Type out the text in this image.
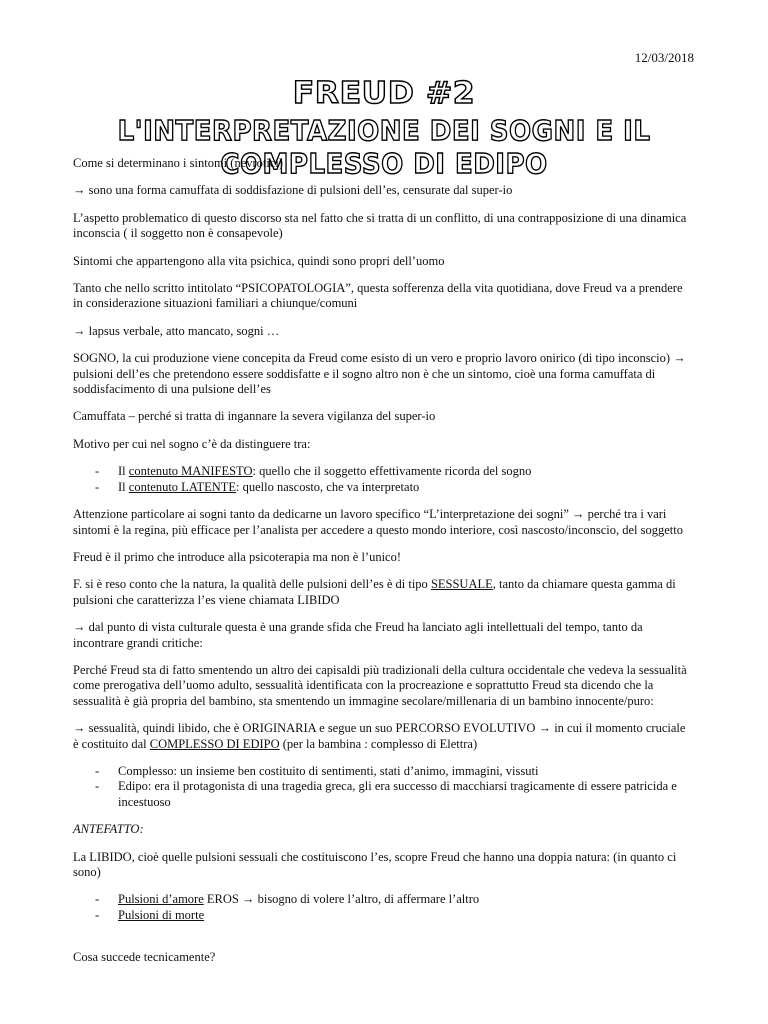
12/03/2018
FREUD #2
L'INTERPRETAZIONE DEI SOGNI E IL COMPLESSO DI EDIPO

Come si determinano i sintomi (nevrotici)

→ sono una forma camuffata di soddisfazione di pulsioni dell’es, censurate dal super-io

L’aspetto problematico di questo discorso sta nel fatto che si tratta di un conflitto, di una contrapposizione di una dinamica inconscia ( il soggetto non è consapevole)

Sintomi che appartengono alla vita psichica, quindi sono propri dell’uomo

Tanto che nello scritto intitolato “PSICOPATOLOGIA”, questa sofferenza della vita quotidiana, dove Freud va a prendere in considerazione situazioni familiari a chiunque/comuni

→ lapsus verbale, atto mancato, sogni …

SOGNO, la cui produzione viene concepita da Freud come esisto di un vero e proprio lavoro onirico (di tipo inconscio) → pulsioni dell’es che pretendono essere soddisfatte e il sogno altro non è che un sintomo, cioè una forma camuffata di soddisfacimento di una pulsione dell’es

Camuffata – perché si tratta di ingannare la severa vigilanza del super-io

Motivo per cui nel sogno c’è da distinguere tra:

- Il contenuto MANIFESTO: quello che il soggetto effettivamente ricorda del sogno
- Il contenuto LATENTE: quello nascosto, che va interpretato

Attenzione particolare ai sogni tanto da dedicarne un lavoro specifico “L’interpretazione dei sogni” → perché tra i vari sintomi è la regina, più efficace per l’analista per accedere a questo mondo interiore, così nascosto/inconscio, del soggetto

Freud è il primo che introduce alla psicoterapia ma non è l’unico!

F. si è reso conto che la natura, la qualità delle pulsioni dell’es è di tipo SESSUALE, tanto da chiamare questa gamma di pulsioni che caratterizza l’es viene chiamata LIBIDO

→ dal punto di vista culturale questa è una grande sfida che Freud ha lanciato agli intellettuali del tempo, tanto da incontrare grandi critiche:

Perché Freud sta di fatto smentendo un altro dei capisaldi più tradizionali della cultura occidentale che vedeva la sessualità come prerogativa dell’uomo adulto, sessualità identificata con la procreazione e soprattutto Freud sta dicendo che la sessualità è già propria del bambino, sta smentendo un immagine secolare/millenaria di un bambino innocente/puro:

→ sessualità, quindi libido, che è ORIGINARIA e segue un suo PERCORSO EVOLUTIVO → in cui il momento cruciale è costituito dal COMPLESSO DI EDIPO (per la bambina : complesso di Elettra)

- Complesso: un insieme ben costituito di sentimenti, stati d’animo, immagini, vissuti
- Edipo: era il protagonista di una tragedia greca, gli era successo di macchiarsi tragicamente di essere patricida e incestuoso

ANTEFATTO:

La LIBIDO, cioè quelle pulsioni sessuali che costituiscono l’es, scopre Freud che hanno una doppia natura: (in quanto ci sono)

- Pulsioni d’amore EROS → bisogno di volere l’altro, di affermare l’altro
- Pulsioni di morte

Cosa succede tecnicamente?
